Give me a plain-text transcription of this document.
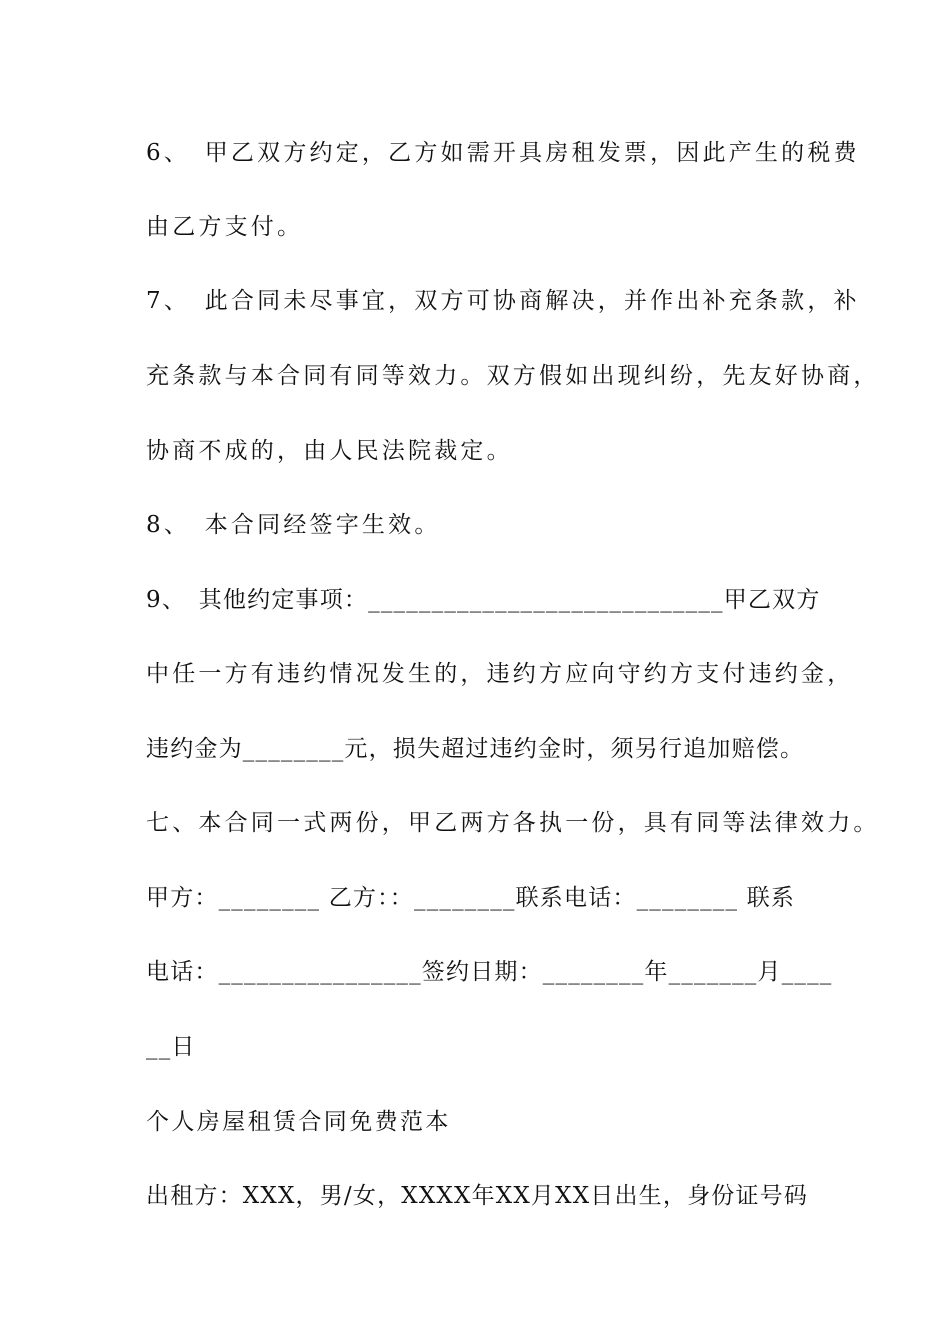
6、　甲乙双方约定，乙方如需开具房租发票，因此产生的税费
由乙方支付。
7、　此合同未尽事宜，双方可协商解决，并作出补充条款，补
充条款与本合同有同等效力。双方假如出现纠纷，先友好协商，
协商不成的，由人民法院裁定。
8、　本合同经签字生效。
9、　其他约定事项：____________________________甲乙双方
中任一方有违约情况发生的，违约方应向守约方支付违约金，
违约金为________元，损失超过违约金时，须另行追加赔偿。
七、本合同一式两份，甲乙两方各执一份，具有同等法律效力。
甲方：________ 乙方：：________联系电话：________ 联系
电话：________________签约日期：________年_______月____
__日
个人房屋租赁合同免费范本
出租方：XXX，男/女，XXXX年XX月XX日出生，身份证号码
